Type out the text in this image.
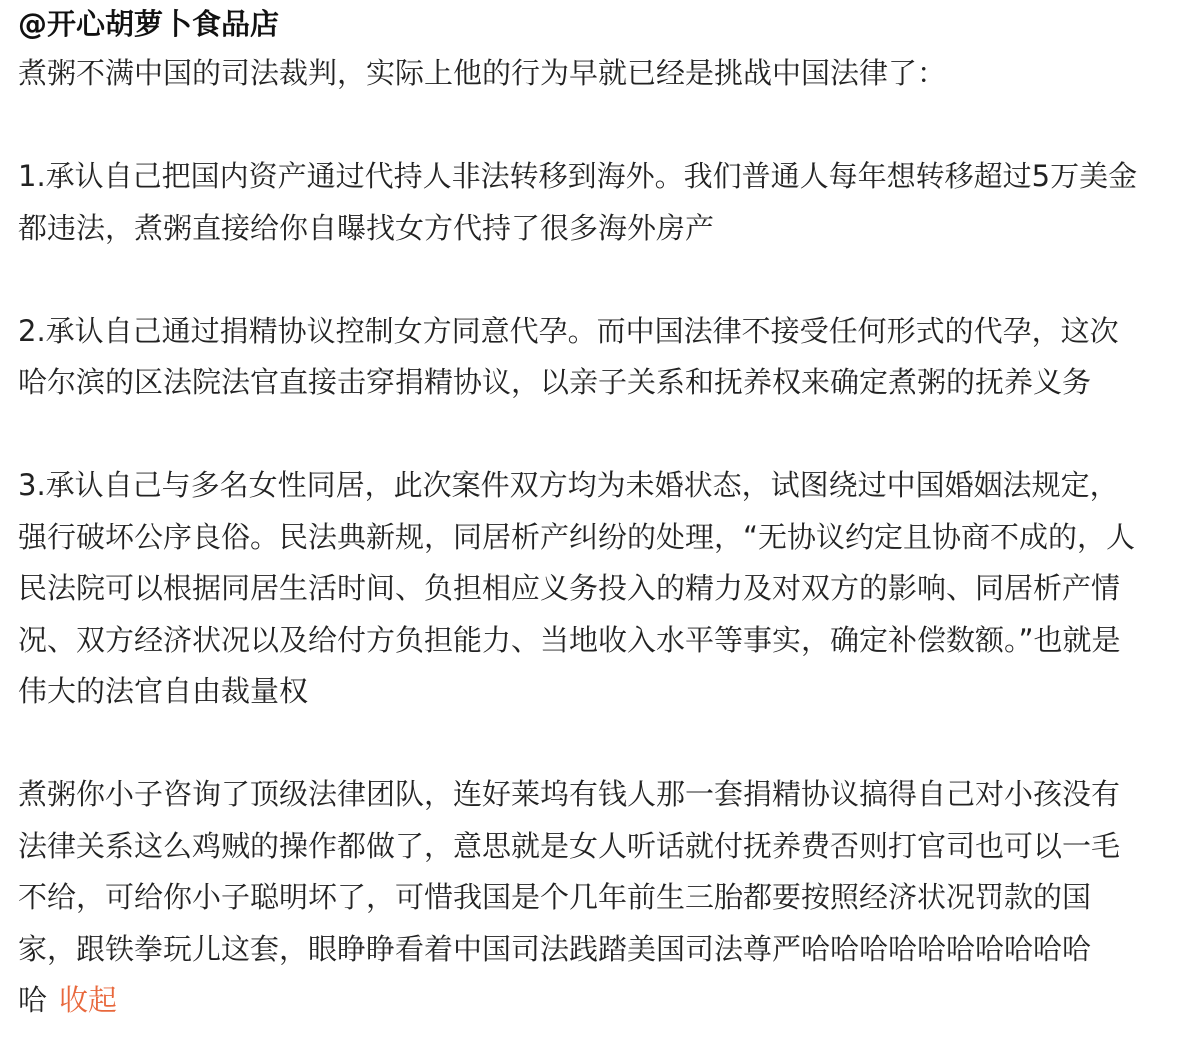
@开心胡萝卜食品店

煮粥不满中国的司法裁判，实际上他的行为早就已经是挑战中国法律了：

1.承认自己把国内资产通过代持人非法转移到海外。我们普通人每年想转移超过5万美金

都违法，煮粥直接给你自曝找女方代持了很多海外房产

2.承认自己通过捐精协议控制女方同意代孕。而中国法律不接受任何形式的代孕，这次

哈尔滨的区法院法官直接击穿捐精协议，以亲子关系和抚养权来确定煮粥的抚养义务

3.承认自己与多名女性同居，此次案件双方均为未婚状态，试图绕过中国婚姻法规定，

强行破坏公序良俗。民法典新规，同居析产纠纷的处理，“无协议约定且协商不成的，人

民法院可以根据同居生活时间、负担相应义务投入的精力及对双方的影响、同居析产情

况、双方经济状况以及给付方负担能力、当地收入水平等事实，确定补偿数额。”也就是

伟大的法官自由裁量权

煮粥你小子咨询了顶级法律团队，连好莱坞有钱人那一套捐精协议搞得自己对小孩没有

法律关系这么鸡贼的操作都做了，意思就是女人听话就付抚养费否则打官司也可以一毛

不给，可给你小子聪明坏了，可惜我国是个几年前生三胎都要按照经济状况罚款的国

家，跟铁拳玩儿这套，眼睁睁看着中国司法践踏美国司法尊严哈哈哈哈哈哈哈哈哈哈

哈 收起
